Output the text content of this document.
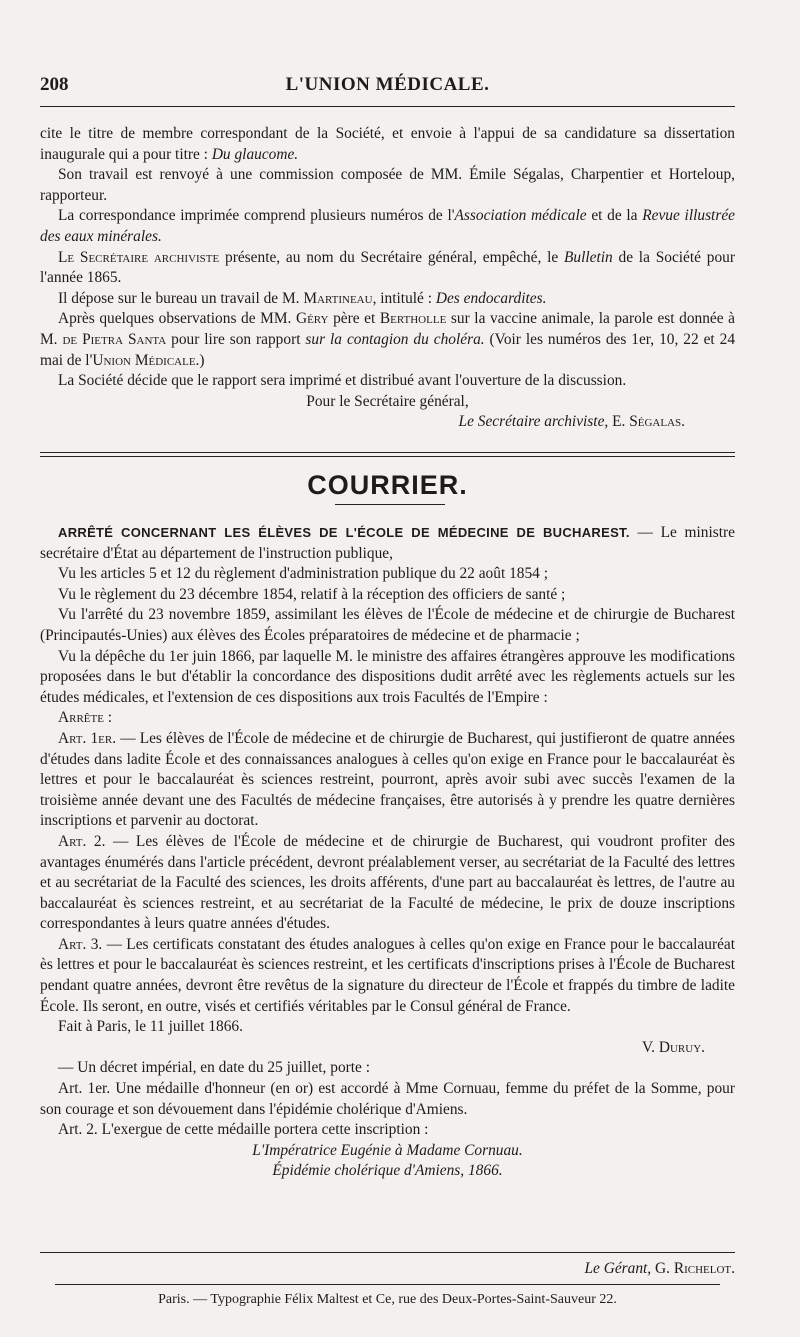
208	L'UNION MÉDICALE.

cite le titre de membre correspondant de la Société, et envoie à l'appui de sa candidature sa dissertation inaugurale qui a pour titre : Du glaucome.

Son travail est renvoyé à une commission composée de MM. Émile Ségalas, Charpentier et Horteloup, rapporteur.

La correspondance imprimée comprend plusieurs numéros de l'Association médicale et de la Revue illustrée des eaux minérales.

Le Secrétaire archiviste présente, au nom du Secrétaire général, empêché, le Bulletin de la Société pour l'année 1865.

Il dépose sur le bureau un travail de M. Martineau, intitulé : Des endocardites.

Après quelques observations de MM. Géry père et Bertholle sur la vaccine animale, la parole est donnée à M. de Pietra Santa pour lire son rapport sur la contagion du choléra. (Voir les numéros des 1er, 10, 22 et 24 mai de l'Union Médicale.)

La Société décide que le rapport sera imprimé et distribué avant l'ouverture de la discussion.

Pour le Secrétaire général,

Le Secrétaire archiviste, E. Ségalas.

COURRIER.

ARRÊTÉ CONCERNANT LES ÉLÈVES DE L'ÉCOLE DE MÉDECINE DE BUCHAREST. — Le ministre secrétaire d'État au département de l'instruction publique,

Vu les articles 5 et 12 du règlement d'administration publique du 22 août 1854 ;

Vu le règlement du 23 décembre 1854, relatif à la réception des officiers de santé ;

Vu l'arrêté du 23 novembre 1859, assimilant les élèves de l'École de médecine et de chirurgie de Bucharest (Principautés-Unies) aux élèves des Écoles préparatoires de médecine et de pharmacie ;

Vu la dépêche du 1er juin 1866, par laquelle M. le ministre des affaires étrangères approuve les modifications proposées dans le but d'établir la concordance des dispositions dudit arrêté avec les règlements actuels sur les études médicales, et l'extension de ces dispositions aux trois Facultés de l'Empire :

Arrête :

Art. 1er. — Les élèves de l'École de médecine et de chirurgie de Bucharest, qui justifieront de quatre années d'études dans ladite École et des connaissances analogues à celles qu'on exige en France pour le baccalauréat ès lettres et pour le baccalauréat ès sciences restreint, pourront, après avoir subi avec succès l'examen de la troisième année devant une des Facultés de médecine françaises, être autorisés à y prendre les quatre dernières inscriptions et parvenir au doctorat.

Art. 2. — Les élèves de l'École de médecine et de chirurgie de Bucharest, qui voudront profiter des avantages énumérés dans l'article précédent, devront préalablement verser, au secrétariat de la Faculté des lettres et au secrétariat de la Faculté des sciences, les droits afférents, d'une part au baccalauréat ès lettres, de l'autre au baccalauréat ès sciences restreint, et au secrétariat de la Faculté de médecine, le prix de douze inscriptions correspondantes à leurs quatre années d'études.

Art. 3. — Les certificats constatant des études analogues à celles qu'on exige en France pour le baccalauréat ès lettres et pour le baccalauréat ès sciences restreint, et les certificats d'inscriptions prises à l'École de Bucharest pendant quatre années, devront être revêtus de la signature du directeur de l'École et frappés du timbre de ladite École. Ils seront, en outre, visés et certifiés véritables par le Consul général de France.

Fait à Paris, le 11 juillet 1866.

V. Duruy.

— Un décret impérial, en date du 25 juillet, porte :

Art. 1er. Une médaille d'honneur (en or) est accordé à Mme Cornuau, femme du préfet de la Somme, pour son courage et son dévouement dans l'épidémie cholérique d'Amiens.

Art. 2. L'exergue de cette médaille portera cette inscription :

L'Impératrice Eugénie à Madame Cornuau.

Épidémie cholérique d'Amiens, 1866.

Le Gérant, G. Richelot.
Paris. — Typographie Félix Maltest et Ce, rue des Deux-Portes-Saint-Sauveur 22.
